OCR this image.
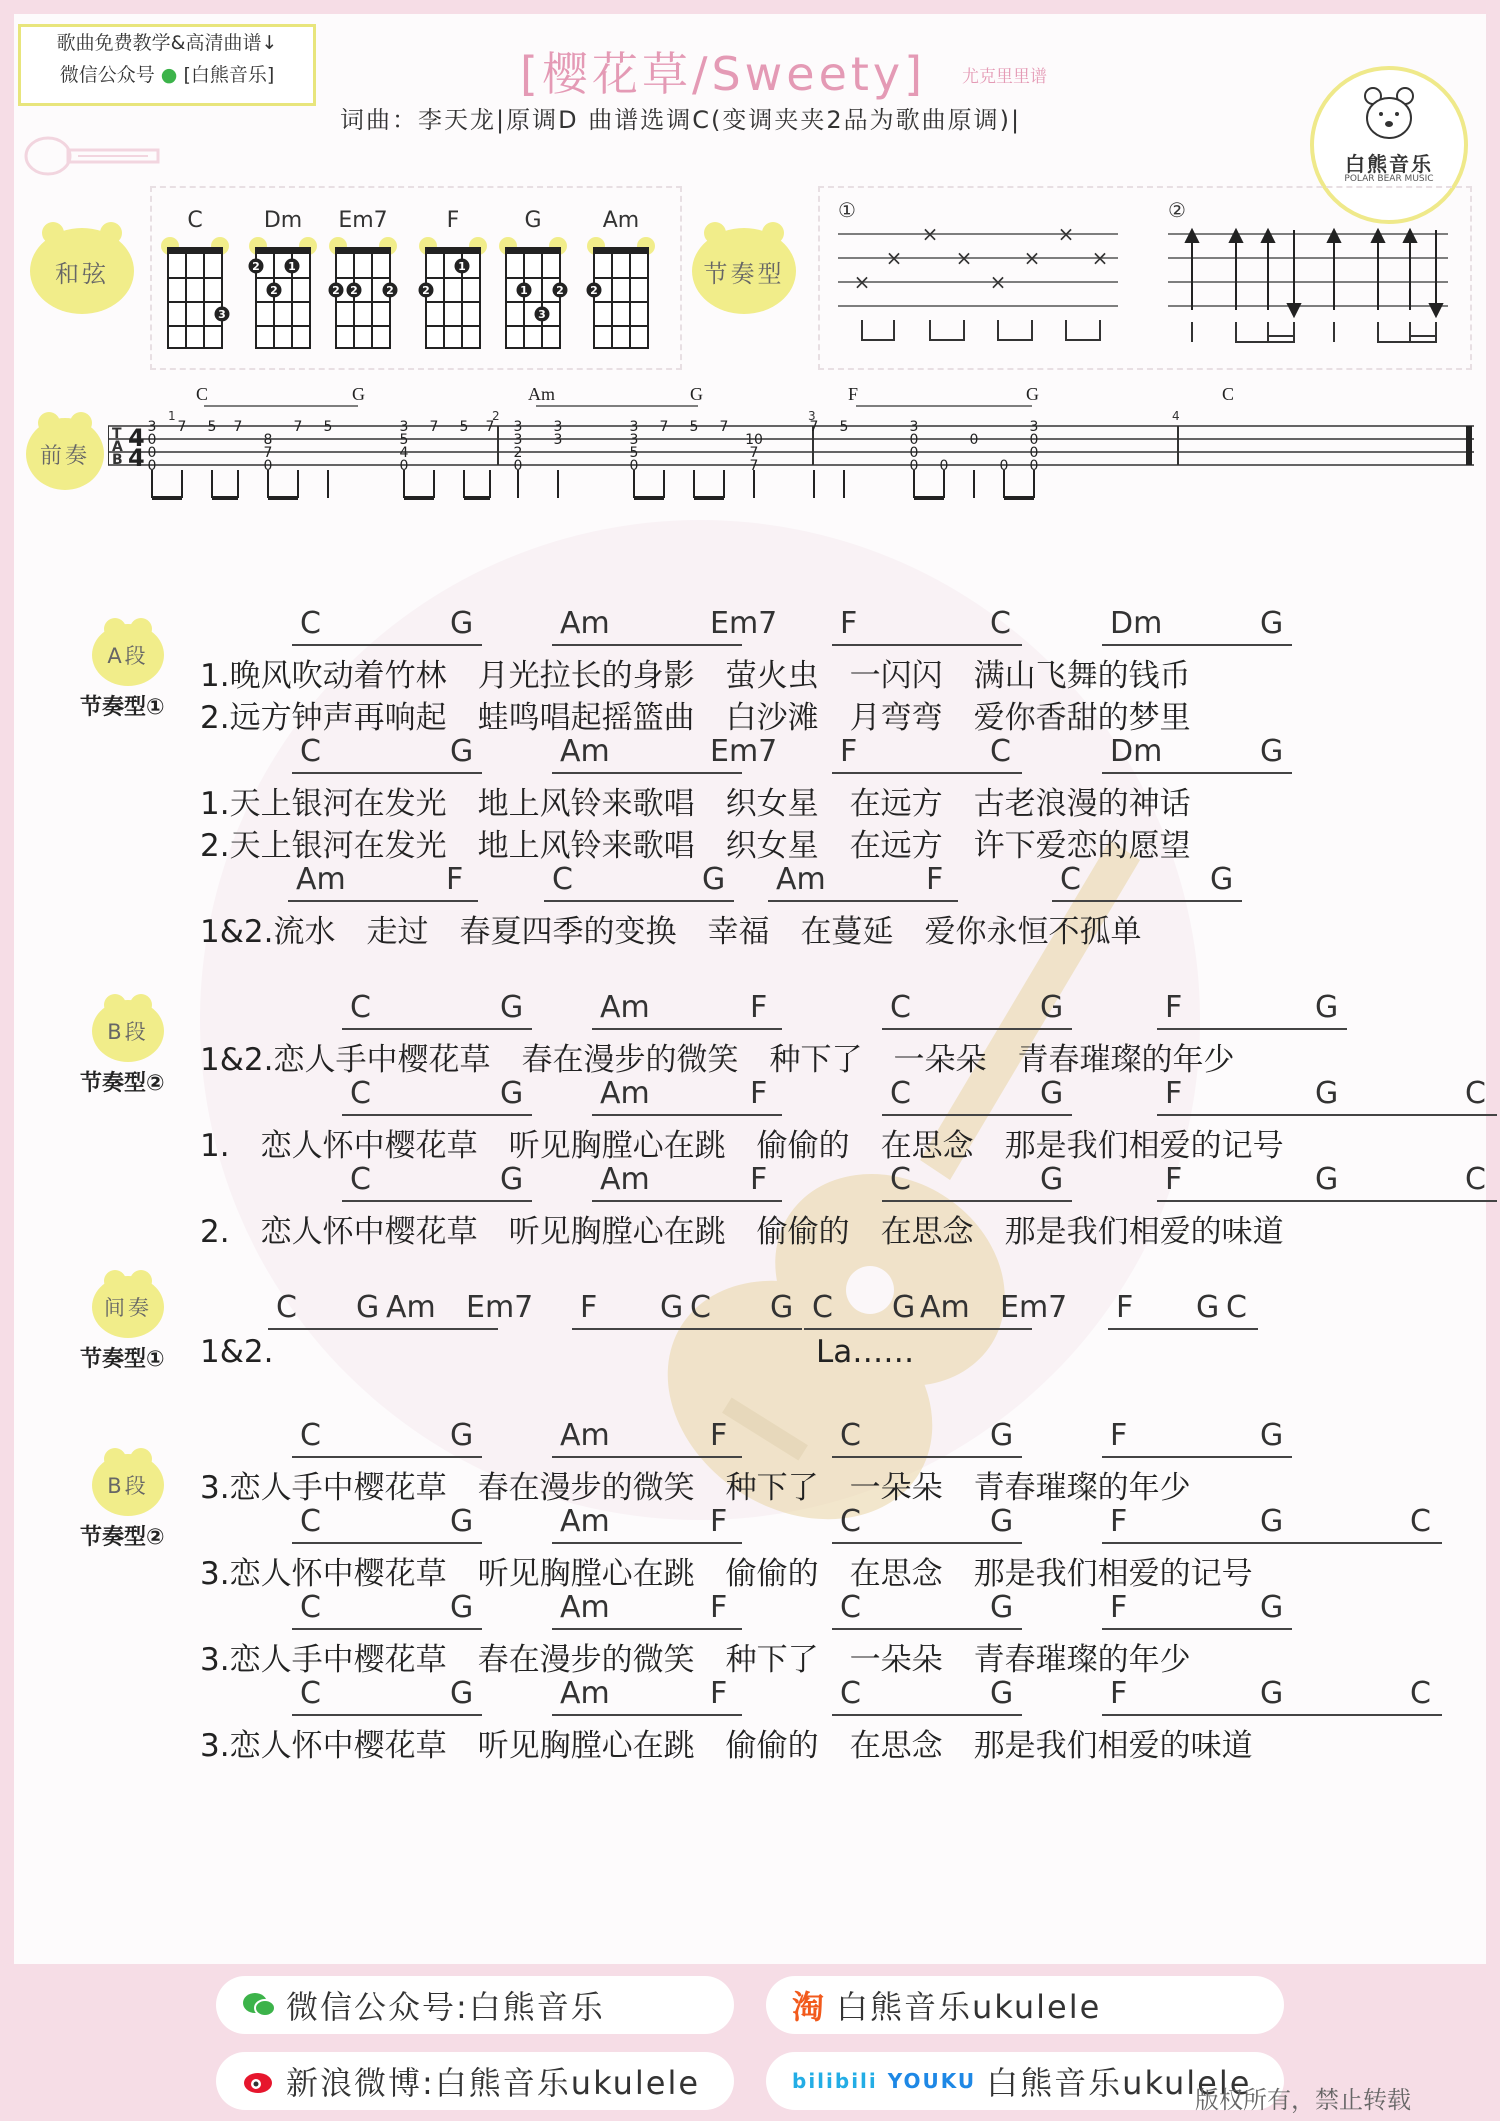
歌曲免费教学&高清曲谱↓
微信公众号 ● [白熊音乐]	[樱花草/Sweety] 尤克里里谱
词曲：李天龙|原调D 曲谱选调C(变调夹夹2品为歌曲原调)|
白熊音乐
POLAR BEAR MUSIC
和弦
C
3
Dm
2
2
1
Em7
2 2	2
F
2
1
G
1
3
2
Am
2
节奏型
①	②
×
×
×
×
×
×
×
×
前奏
T
A
B
4
4
1	2	3	4
C	G	Am	G	F	G	C
3
0
0
0
7 5 7
8
7
0
7 5	3
5
4
0
7 5 7 3
3
2
0
3
3
3
3
5
0
7 5 7
10
7
7
7 5	3
0
0
0 0
0
0
3
0
0
0
A段
节奏型①
B段
节奏型②
间奏
节奏型①
B段
节奏型②
1.晚风吹动着竹林　月光拉长的身影　萤火虫　一闪闪　满山飞舞的钱币
2.远方钟声再响起　蛙鸣唱起摇篮曲　白沙滩　月弯弯　爱你香甜的梦里
1.天上银河在发光　地上风铃来歌唱　织女星　在远方　古老浪漫的神话
2.天上银河在发光　地上风铃来歌唱　织女星　在远方　许下爱恋的愿望
1&2.流水　走过　春夏四季的变换　幸福　在蔓延　爱你永恒不孤单
1&2.恋人手中樱花草　春在漫步的微笑　种下了　一朵朵　青春璀璨的年少
1.　恋人怀中樱花草　听见胸膛心在跳　偷偷的　在思念　那是我们相爱的记号
2.　恋人怀中樱花草　听见胸膛心在跳　偷偷的　在思念　那是我们相爱的味道
1&2.	La……
3.恋人手中樱花草　春在漫步的微笑　种下了　一朵朵　青春璀璨的年少
3.恋人怀中樱花草　听见胸膛心在跳　偷偷的　在思念　那是我们相爱的记号
3.恋人手中樱花草　春在漫步的微笑　种下了　一朵朵　青春璀璨的年少
3.恋人怀中樱花草　听见胸膛心在跳　偷偷的　在思念　那是我们相爱的味道
C	G	Am	Em7 F	C	Dm	G
C	G	Am	Em7 F	C	Dm	G
Am	F	C	G Am	F	C	G
C	G	Am	F	C	G	F	G
C	G	Am	F	C	G	F	G	C
C	G	Am	F	C	G	F	G	C
C G Am Em7 F G C G C G Am Em7 F G C
C	G	Am	F	C	G	F	G
C	G	Am	F	C	G	F	G	C
C	G	Am	F	C	G	F	G
C	G	Am	F	C	G	F	G	C
微信公众号:白熊音乐	淘 白熊音乐ukulele
新浪微博:白熊音乐ukulele	bilibili YOUKU 白熊音乐ukulele
版权所有，禁止转载
